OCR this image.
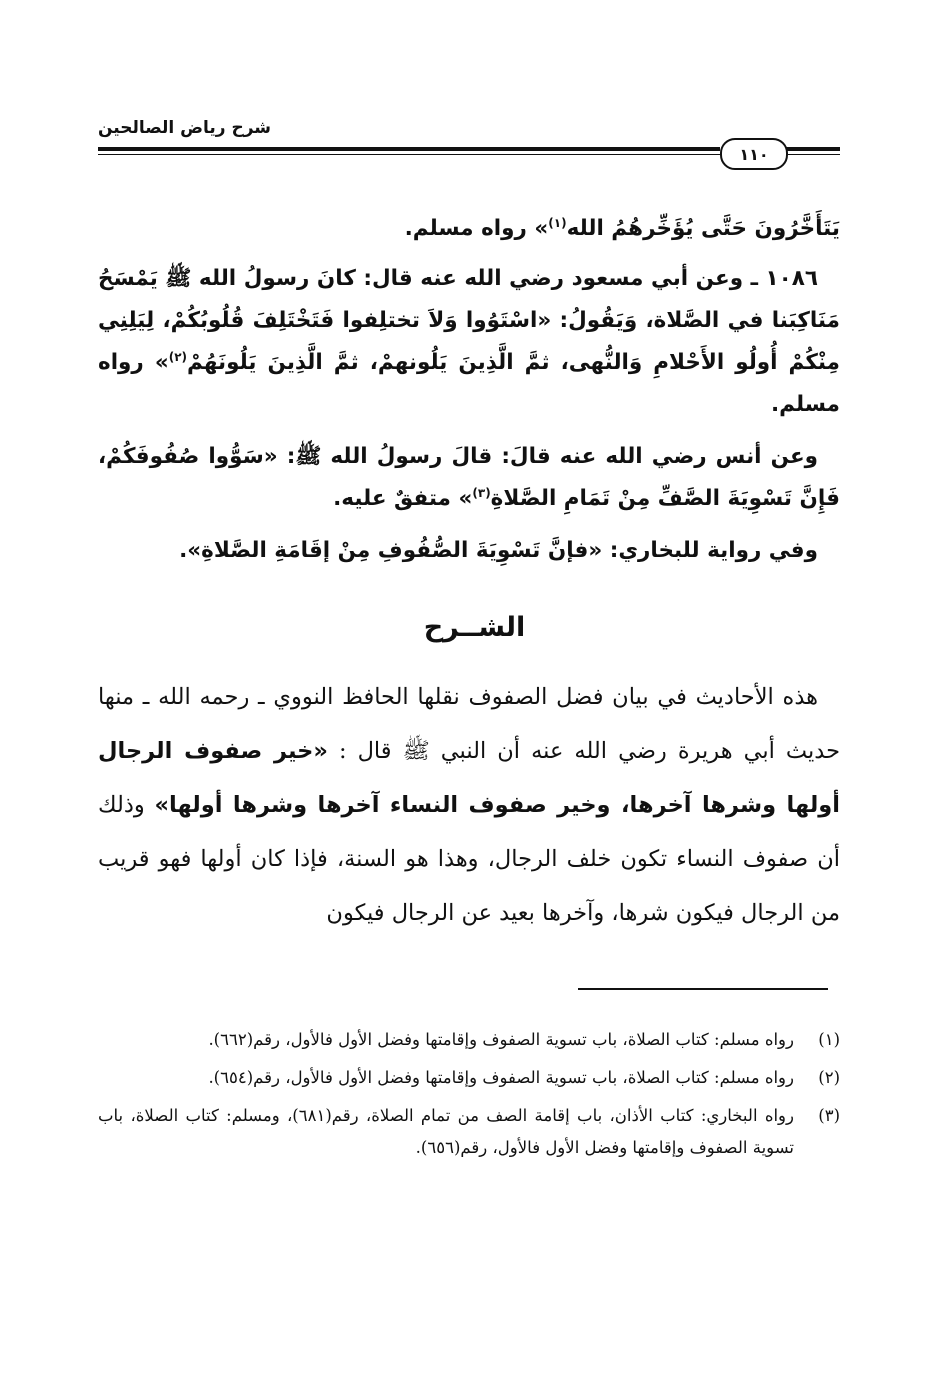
شرح رياض الصالحين
١١٠

يَتَأَخَّرُونَ حَتَّى يُؤَخِّرهُمُ الله$^{(١)}$» رواه مسلم.

١٠٨٦ ـ وعن أبي مسعود رضي الله عنه قال: كانَ رسولُ الله ﷺ يَمْسَحُ مَنَاكِبَنا في الصَّلاة، وَيَقُولُ: «اسْتَوُوا وَلاَ تختلِفوا فَتَخْتَلِفَ قُلُوبُكُمْ، لِيَلِنِي مِنْكُمْ أُولُو الأَحْلامِ وَالنُّهى، ثمَّ الَّذِينَ يَلُونهمْ، ثمَّ الَّذِينَ يَلُونَهُمْ$^{(٢)}$» رواه مسلم.

وعن أنس رضي الله عنه قالَ: قالَ رسولُ الله ﷺ: «سَوُّوا صُفُوفَكُمْ، فَإِنَّ تَسْوِيَةَ الصَّفِّ مِنْ تَمَامِ الصَّلاةِ$^{(٣)}$» متفقٌ عليه.

وفي رواية للبخاري: «فإنَّ تَسْوِيَةَ الصُّفُوفِ مِنْ إقَامَةِ الصَّلاةِ».

الشــرح

هذه الأحاديث في بيان فضل الصفوف نقلها الحافظ النووي ـ رحمه الله ـ منها حديث أبي هريرة رضي الله عنه أن النبي ﷺ قال : «خير صفوف الرجال أولها وشرها آخرها، وخير صفوف النساء آخرها وشرها أولها» وذلك أن صفوف النساء تكون خلف الرجال، وهذا هو السنة، فإذا كان أولها فهو قريب من الرجال فيكون شرها، وآخرها بعيد عن الرجال فيكون

(١)
رواه مسلم: كتاب الصلاة، باب تسوية الصفوف وإقامتها وفضل الأول فالأول، رقم(٦٦٢).
(٢)
رواه مسلم: كتاب الصلاة، باب تسوية الصفوف وإقامتها وفضل الأول فالأول، رقم(٦٥٤).
(٣)
رواه البخاري: كتاب الأذان، باب إقامة الصف من تمام الصلاة، رقم(٦٨١)، ومسلم: كتاب الصلاة، باب تسوية الصفوف وإقامتها وفضل الأول فالأول، رقم(٦٥٦).
